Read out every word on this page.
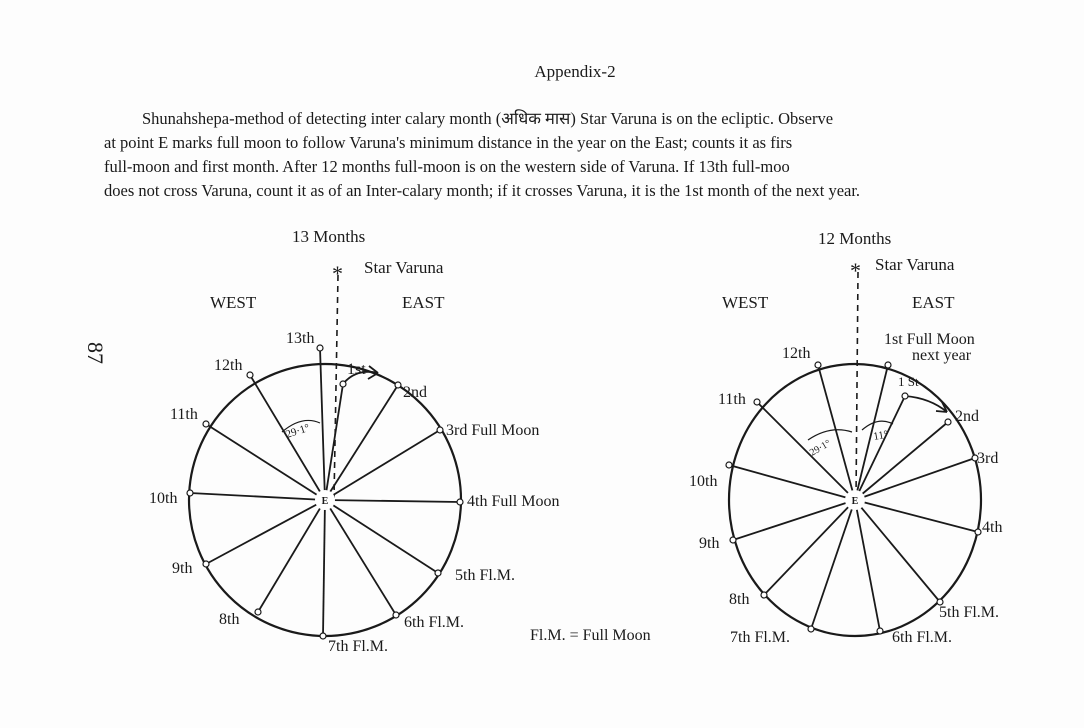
Appendix-2
Shunahshepa-method of detecting inter calary month (अधिक मास) Star Varuna is on the ecliptic. Observe
at point E marks full moon to follow Varuna's minimum distance in the year on the East; counts it as firs
full-moon and first month. After 12 months full-moon is on the western side of Varuna. If 13th full-moo
does not cross Varuna, count it as of an Inter-calary month; if it crosses Varuna, it is the 1st month of the next year.
87
E
13 Months
* Star Varuna
WEST	EAST
13th
12th
11th
10th
9th
8th
1st
2nd
3rd Full Moon
4th Full Moon
5th Fl.M.
6th Fl.M.
7th Fl.M.
29·1°
E
12 Months
* Star Varuna
WEST	EAST
1st Full Moon
next year
12th
11th
10th
9th
8th
1 St
2nd
3rd
4th
5th Fl.M.
6th Fl.M.
7th Fl.M.
29·1°
11°
Fl.M. = Full Moon
